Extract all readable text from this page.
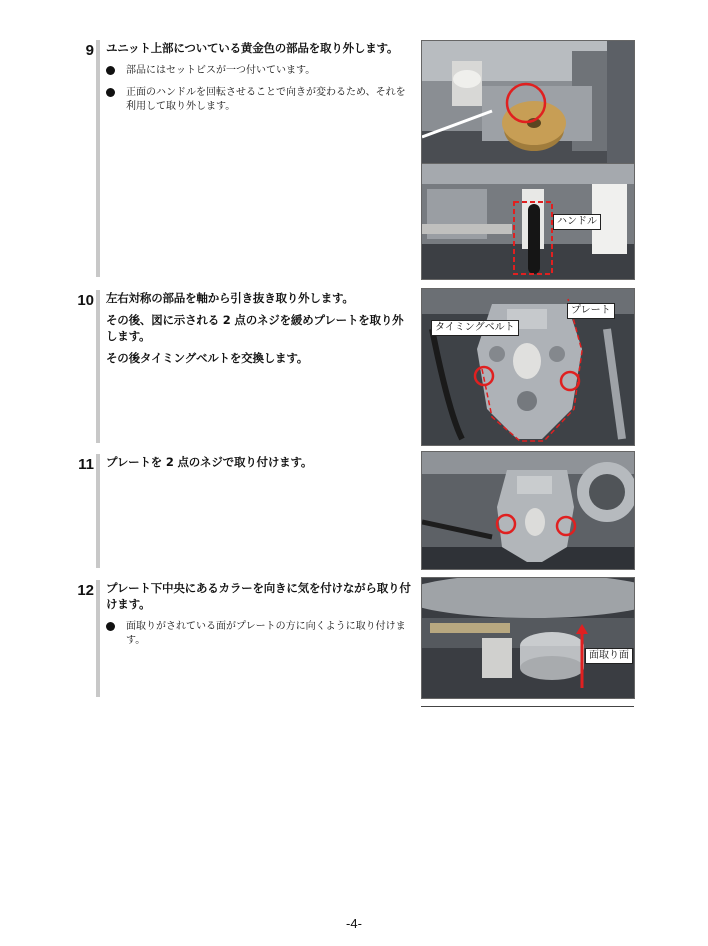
9 ユニット上部についている黄金色の部品を取り外します。

部品にはセットビスが一つ付いています。
正面のハンドルを回転させることで向きが変わるため、それを利用して取り外します。
ハンドル
10 左右対称の部品を軸から引き抜き取り外します。

その後、図に示される 2 点のネジを緩めプレートを取り外します。

その後タイミングベルトを交換します。

プレート
タイミングベルト
11 プレートを 2 点のネジで取り付けます。

12 プレート下中央にあるカラーを向きに気を付けながら取り付けます。

面取りがされている面がプレートの方に向くように取り付けます。
面取り面
-4-
